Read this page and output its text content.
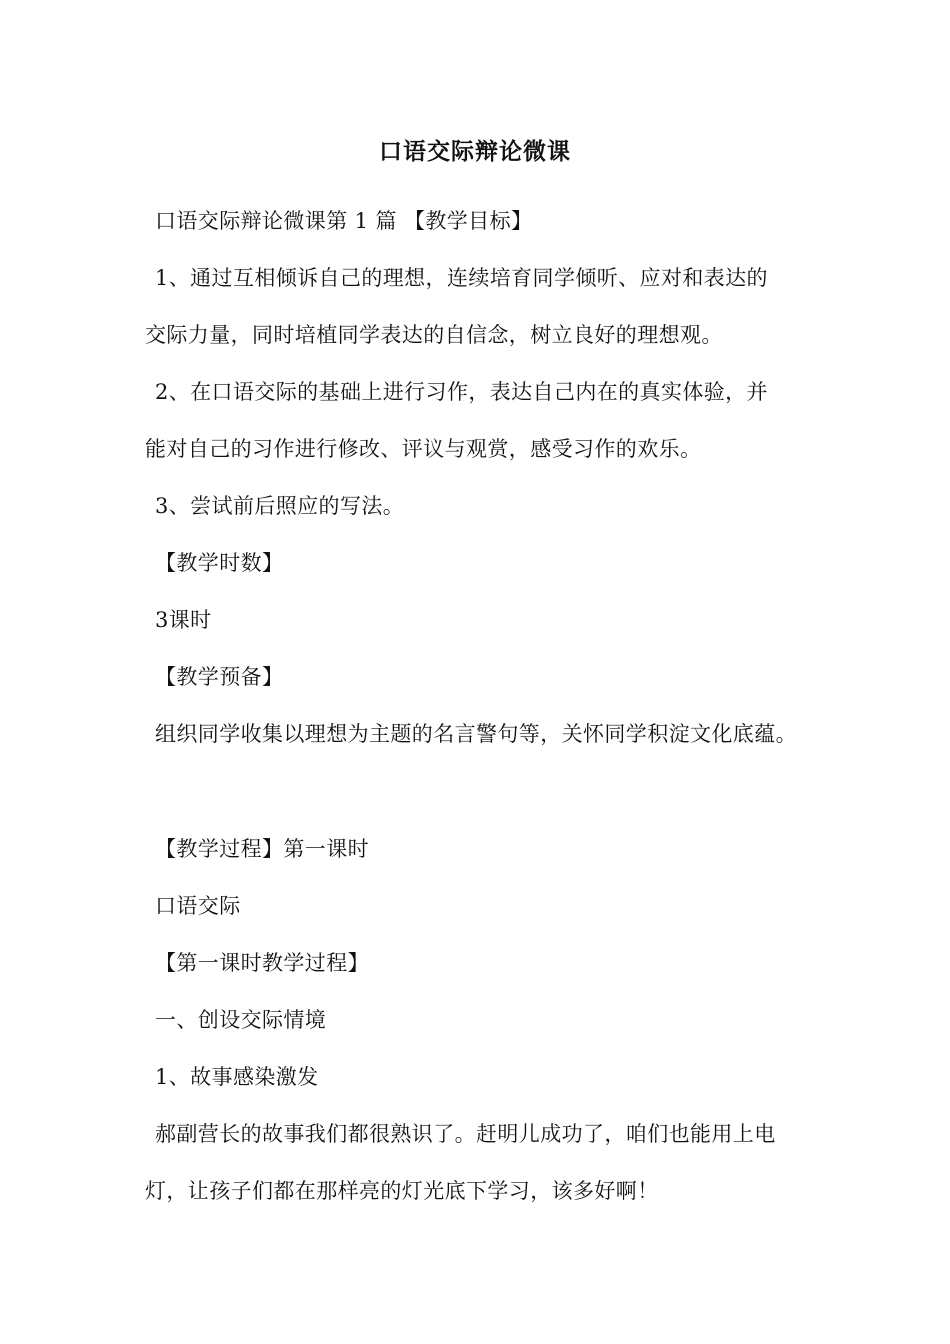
口语交际辩论微课
口语交际辩论微课第 1 篇 【教学目标】
1、通过互相倾诉自己的理想，连续培育同学倾听、应对和表达的
交际力量，同时培植同学表达的自信念，树立良好的理想观。
2、在口语交际的基础上进行习作，表达自己内在的真实体验，并
能对自己的习作进行修改、评议与观赏，感受习作的欢乐。
3、尝试前后照应的写法。
【教学时数】
3课时
【教学预备】
组织同学收集以理想为主题的名言警句等，关怀同学积淀文化底蕴。
【教学过程】第一课时
口语交际
【第一课时教学过程】
一、创设交际情境
1、故事感染激发
郝副营长的故事我们都很熟识了。赶明儿成功了，咱们也能用上电
灯，让孩子们都在那样亮的灯光底下学习，该多好啊！
